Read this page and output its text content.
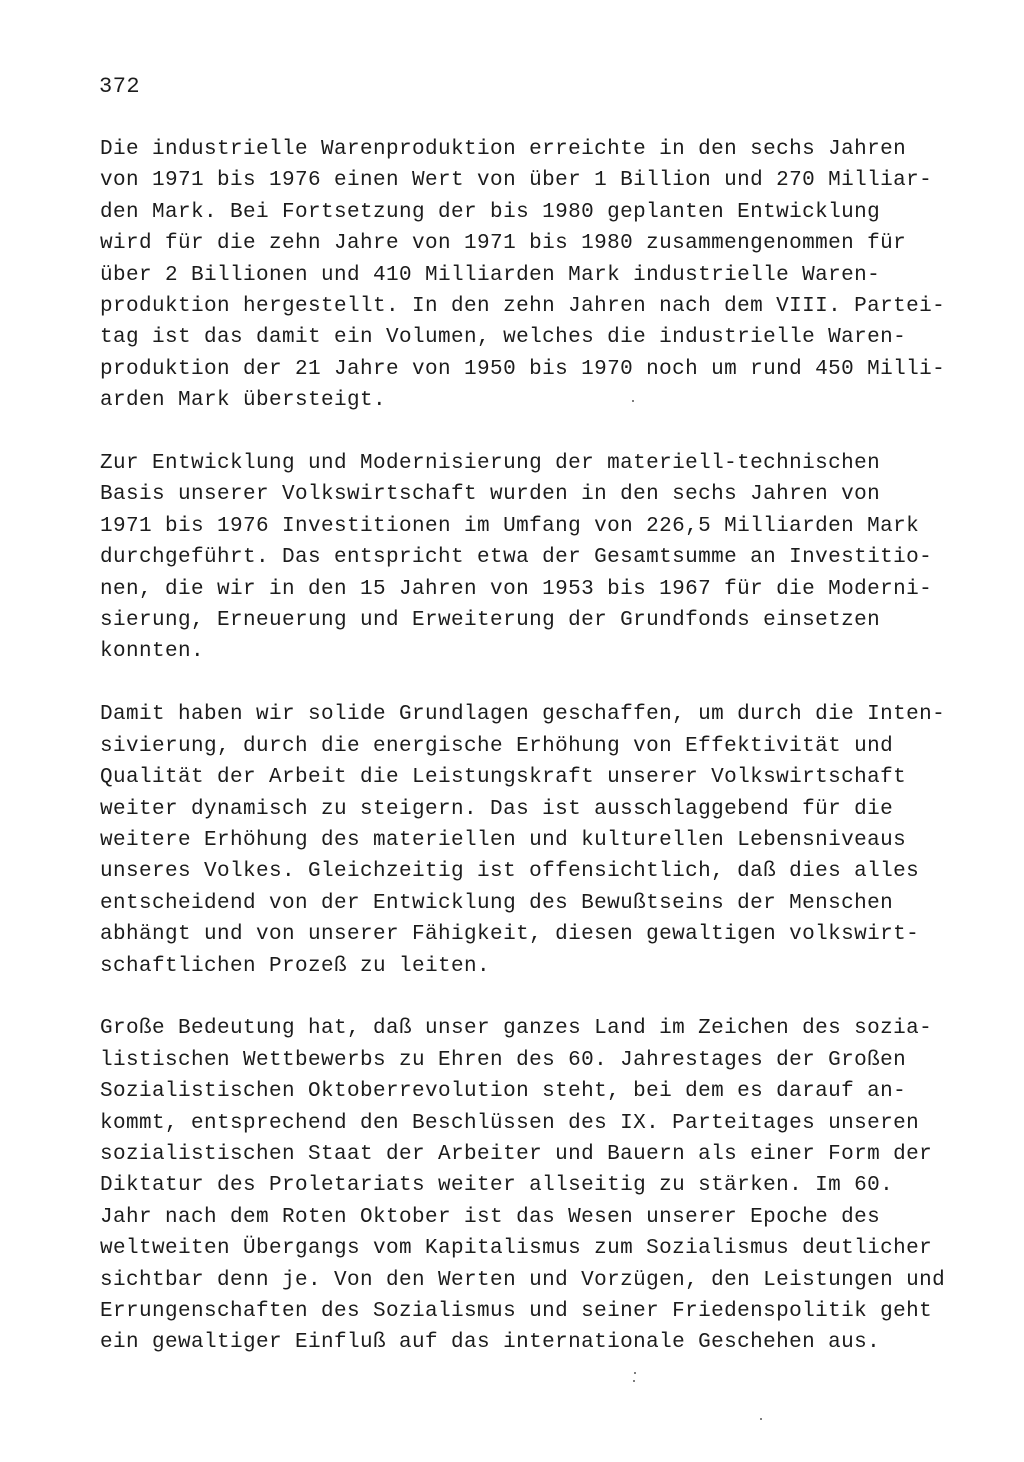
372
Die industrielle Warenproduktion erreichte in den sechs Jahren
von 1971 bis 1976 einen Wert von über 1 Billion und 270 Milliar-
den Mark. Bei Fortsetzung der bis 1980 geplanten Entwicklung
wird für die zehn Jahre von 1971 bis 1980 zusammengenommen für
über 2 Billionen und 410 Milliarden Mark industrielle Waren-
produktion hergestellt. In den zehn Jahren nach dem VIII. Partei-
tag ist das damit ein Volumen, welches die industrielle Waren-
produktion der 21 Jahre von 1950 bis 1970 noch um rund 450 Milli-
arden Mark übersteigt.
Zur Entwicklung und Modernisierung der materiell-technischen
Basis unserer Volkswirtschaft wurden in den sechs Jahren von
1971 bis 1976 Investitionen im Umfang von 226,5 Milliarden Mark
durchgeführt. Das entspricht etwa der Gesamtsumme an Investitio-
nen, die wir in den 15 Jahren von 1953 bis 1967 für die Moderni-
sierung, Erneuerung und Erweiterung der Grundfonds einsetzen
konnten.
Damit haben wir solide Grundlagen geschaffen, um durch die Inten-
sivierung, durch die energische Erhöhung von Effektivität und
Qualität der Arbeit die Leistungskraft unserer Volkswirtschaft
weiter dynamisch zu steigern. Das ist ausschlaggebend für die
weitere Erhöhung des materiellen und kulturellen Lebensniveaus
unseres Volkes. Gleichzeitig ist offensichtlich, daß dies alles
entscheidend von der Entwicklung des Bewußtseins der Menschen
abhängt und von unserer Fähigkeit, diesen gewaltigen volkswirt-
schaftlichen Prozeß zu leiten.
Große Bedeutung hat, daß unser ganzes Land im Zeichen des sozia-
listischen Wettbewerbs zu Ehren des 60. Jahrestages der Großen
Sozialistischen Oktoberrevolution steht, bei dem es darauf an-
kommt, entsprechend den Beschlüssen des IX. Parteitages unseren
sozialistischen Staat der Arbeiter und Bauern als einer Form der
Diktatur des Proletariats weiter allseitig zu stärken. Im 60.
Jahr nach dem Roten Oktober ist das Wesen unserer Epoche des
weltweiten Übergangs vom Kapitalismus zum Sozialismus deutlicher
sichtbar denn je. Von den Werten und Vorzügen, den Leistungen und
Errungenschaften des Sozialismus und seiner Friedenspolitik geht
ein gewaltiger Einfluß auf das internationale Geschehen aus.
